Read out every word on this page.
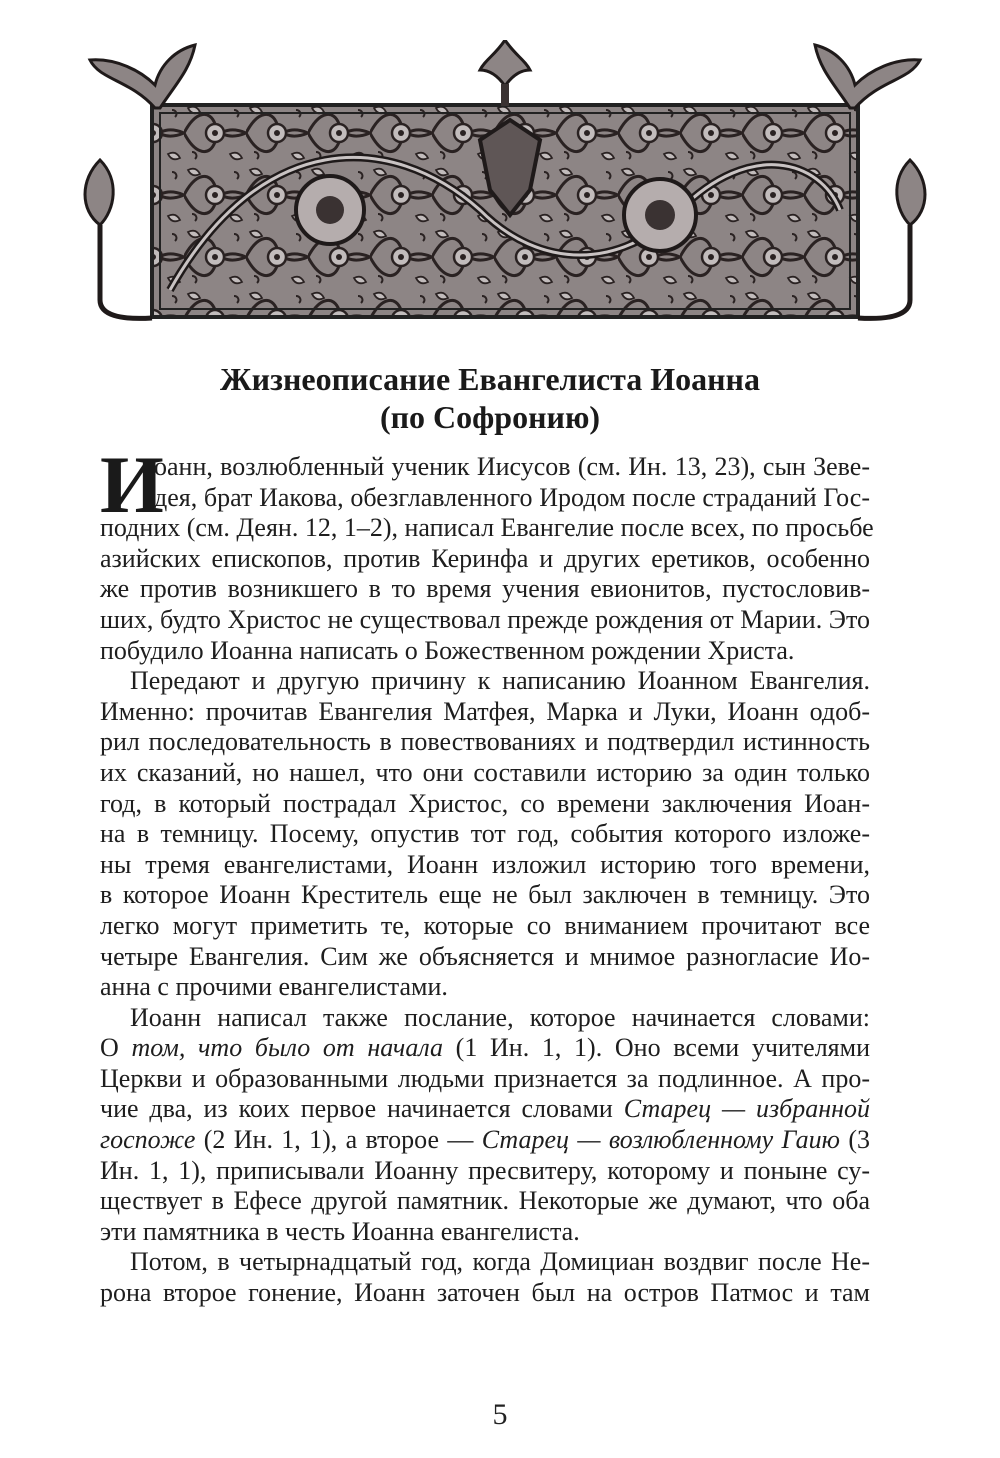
Жизнеописание Евангелиста Иоанна
(по Софронию)
И
оанн, возлюбленный ученик Иисусов (см. Ин. 13, 23), сын Зеве-
дея, брат Иакова, обезглавленного Иродом после страданий Гос-
подних (см. Деян. 12, 1–2), написал Евангелие после всех, по просьбе
азийских епископов, против Керинфа и других еретиков, особенно
же против возникшего в то время учения евионитов, пустословив-
ших, будто Христос не существовал прежде рождения от Марии. Это
побудило Иоанна написать о Божественном рождении Христа.
Передают и другую причину к написанию Иоанном Евангелия.
Именно: прочитав Евангелия Матфея, Марка и Луки, Иоанн одоб-
рил последовательность в повествованиях и подтвердил истинность
их сказаний, но нашел, что они составили историю за один только
год, в который пострадал Христос, со времени заключения Иоан-
на в темницу. Посему, опустив тот год, события которого изложе-
ны тремя евангелистами, Иоанн изложил историю того времени,
в которое Иоанн Креститель еще не был заключен в темницу. Это
легко могут приметить те, которые со вниманием прочитают все
четыре Евангелия. Сим же объясняется и мнимое разногласие Ио-
анна с прочими евангелистами.
Иоанн написал также послание, которое начинается словами:
О том, что было от начала (1 Ин. 1, 1). Оно всеми учителями
Церкви и образованными людьми признается за подлинное. А про-
чие два, из коих первое начинается словами Старец — избранной
госпоже (2 Ин. 1, 1), а второе — Старец — возлюбленному Гаию (3
Ин. 1, 1), приписывали Иоанну пресвитеру, которому и поныне су-
ществует в Ефесе другой памятник. Некоторые же думают, что оба
эти памятника в честь Иоанна евангелиста.
Потом, в четырнадцатый год, когда Домициан воздвиг после Не-
рона второе гонение, Иоанн заточен был на остров Патмос и там
5
